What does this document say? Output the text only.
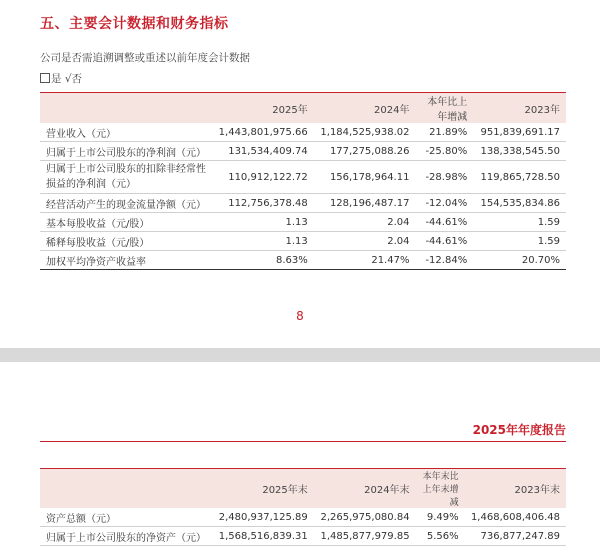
五、主要会计数据和财务指标
公司是否需追溯调整或重述以前年度会计数据
是 √否
	2025年	2024年	本年比上年增减	2023年
营业收入（元）	1,443,801,975.66	1,184,525,938.02	21.89%	951,839,691.17
归属于上市公司股东的净利润（元）	131,534,409.74	177,275,088.26	-25.80%	138,338,545.50
归属于上市公司股东的扣除非经常性损益的净利润（元）	110,912,122.72	156,178,964.11	-28.98%	119,865,728.50
经营活动产生的现金流量净额（元）	112,756,378.48	128,196,487.17	-12.04%	154,535,834.86
基本每股收益（元/股）	1.13	2.04	-44.61%	1.59
稀释每股收益（元/股）	1.13	2.04	-44.61%	1.59
加权平均净资产收益率	8.63%	21.47%	-12.84%	20.70%
8
2025年年度报告
	2025年末	2024年末	本年末比上年末增减	2023年末
资产总额（元）	2,480,937,125.89	2,265,975,080.84	9.49%	1,468,608,406.48
归属于上市公司股东的净资产（元）	1,568,516,839.31	1,485,877,979.85	5.56%	736,877,247.89
